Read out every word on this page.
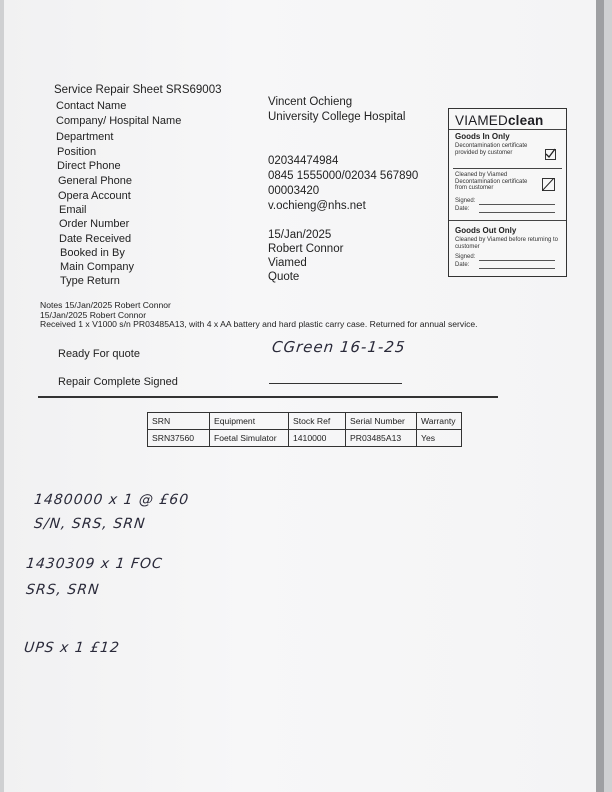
Service Repair Sheet SRS69003
Contact Name	Vincent Ochieng
Company/ Hospital Name	University College Hospital
Department
Position
Direct Phone	02034474984
General Phone	0845 1555000/02034 567890
Opera Account	00003420
Email	v.ochieng@nhs.net
Order Number
Date Received	15/Jan/2025
Booked in By	Robert Connor
Main Company	Viamed
Type Return	Quote
VIAMEDclean
Goods In Only
Decontamination certificate provided by customer
Cleaned by Viamed Decontamination certificate from customer
Signed:
Date:
Goods Out Only
Cleaned by Viamed before returning to customer
Signed:
Date:
Notes 15/Jan/2025 Robert Connor
15/Jan/2025 Robert Connor
Received 1 x V1000 s/n PR03485A13, with 4 x AA battery and hard plastic carry case. Returned for annual service.
Ready For quote	CGreen 16-1-25
Repair Complete Signed
SRN	Equipment	Stock Ref	Serial Number	Warranty
SRN37560	Foetal Simulator	1410000	PR03485A13	Yes
1480000 x 1 @ £60
S/N, SRS, SRN
1430309 x 1 FOC
SRS, SRN
UPS x 1 £12
